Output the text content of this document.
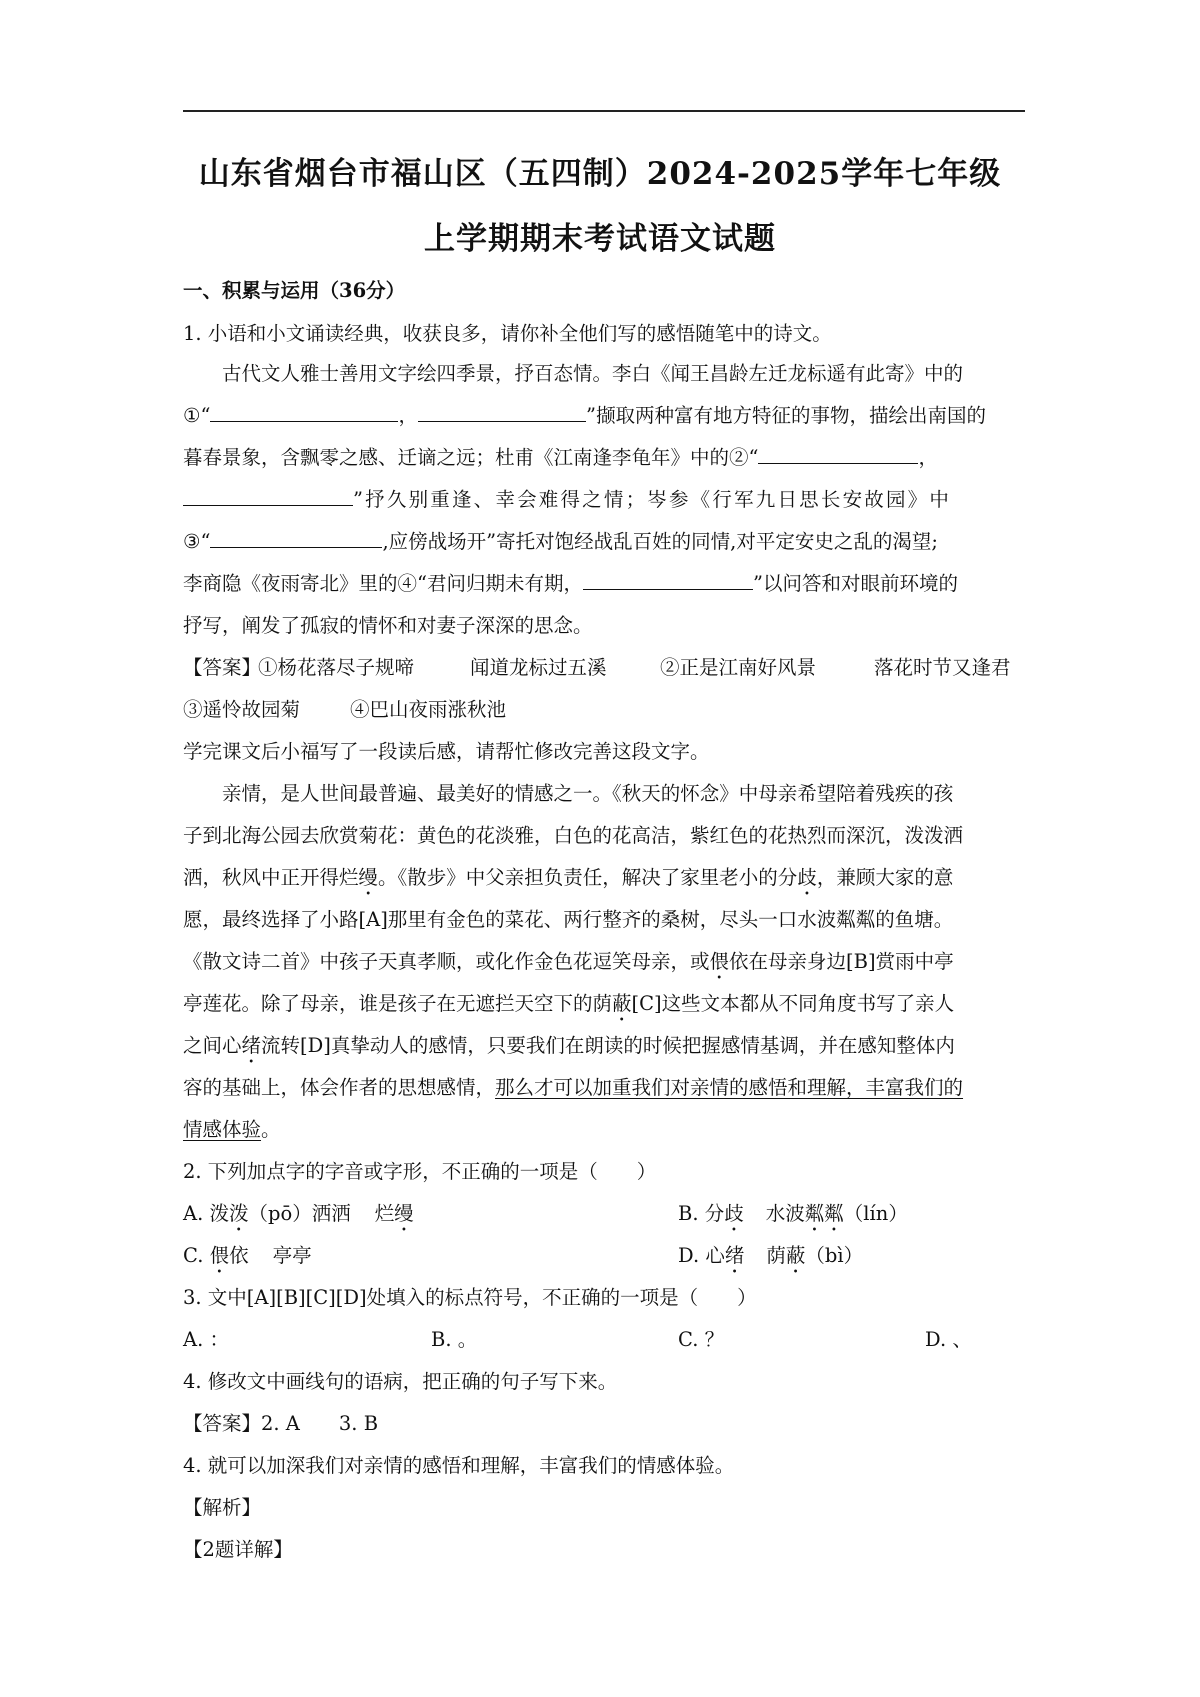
山东省烟台市福山区（五四制）2024-2025学年七年级
上学期期末考试语文试题
一、积累与运用（36分）
1. 小语和小文诵读经典，收获良多，请你补全他们写的感悟随笔中的诗文。
古代文人雅士善用文字绘四季景，抒百态情。李白《闻王昌龄左迁龙标遥有此寄》中的
①“	，	”撷取两种富有地方特征的事物，描绘出南国的
暮春景象，含飘零之感、迁谪之远；杜甫《江南逢李龟年》中的②“	，
”抒久别重逢、幸会难得之情；岑参《行军九日思长安故园》中
③“	,应傍战场开”寄托对饱经战乱百姓的同情,对平定安史之乱的渴望;
李商隐《夜雨寄北》里的④“君问归期未有期，	”以问答和对眼前环境的
抒写，阐发了孤寂的情怀和对妻子深深的思念。
【答案】
①杨花落尽子规啼	闻道龙标过五溪	②正是江南好风景	落花时节又逢君
③遥怜故园菊	④巴山夜雨涨秋池
学完课文后小福写了一段读后感，请帮忙修改完善这段文字。
亲情，是人世间最普遍、最美好的情感之一。《秋天的怀念》中母亲希望陪着残疾的孩
子到北海公园去欣赏菊花：黄色的花淡雅，白色的花高洁，紫红色的花热烈而深沉，泼泼洒
洒，秋风中正开得烂缦。《散步》中父亲担负责任，解决了家里老小的分歧，兼顾大家的意
愿，最终选择了小路[A]那里有金色的菜花、两行整齐的桑树，尽头一口水波粼粼的鱼塘。
《散文诗二首》中孩子天真孝顺，或化作金色花逗笑母亲，或偎依在母亲身边[B]赏雨中亭
亭莲花。除了母亲，谁是孩子在无遮拦天空下的荫蔽[C]这些文本都从不同角度书写了亲人
之间心绪流转[D]真挚动人的感情，只要我们在朗读的时候把握感情基调，并在感知整体内
容的基础上，体会作者的思想感情，那么才可以加重我们对亲情的感悟和理解，丰富我们的
情感体验。
2. 下列加点字的字音或字形，不正确的一项是（　　）
A. 泼泼（pō）洒洒 烂缦	B. 分歧 水波粼粼（lín）
C. 偎依 亭亭	D. 心绪 荫蔽（bì）
3. 文中[A][B][C][D]处填入的标点符号，不正确的一项是（　　）
A. ：	B. 。	C. ？	D. 、
4. 修改文中画线句的语病，把正确的句子写下来。
【答案】2. A　　3. B
4. 就可以加深我们对亲情的感悟和理解，丰富我们的情感体验。
【解析】
【2题详解】
